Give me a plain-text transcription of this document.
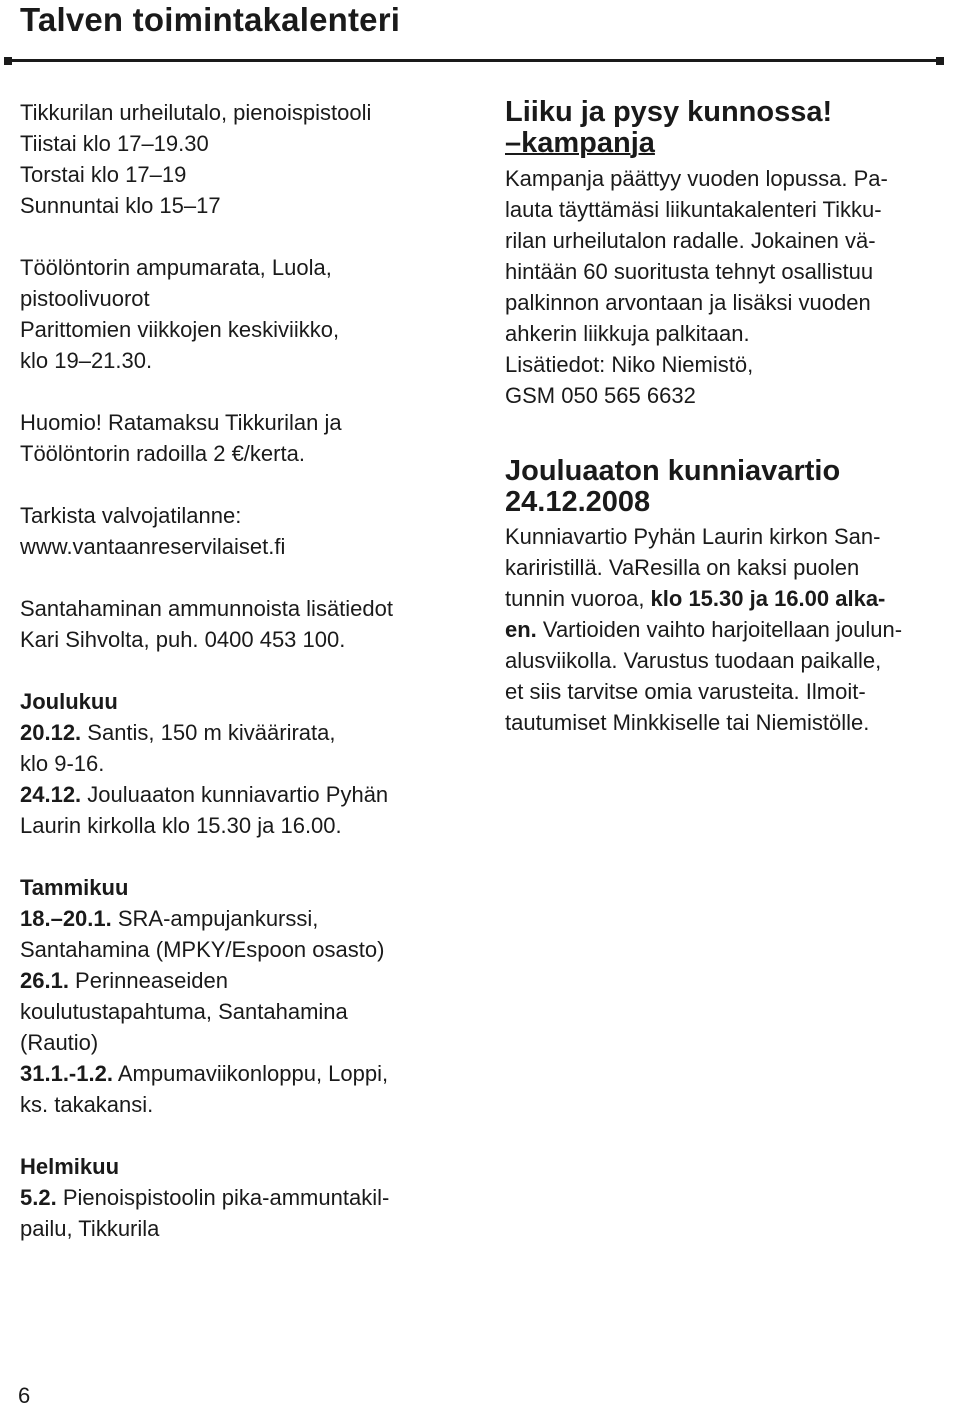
Talven toimintakalenteri

Tikkurilan urheilutalo, pienoispistooli

Tiistai klo 17–19.30

Torstai klo 17–19

Sunnuntai klo 15–17

Töölöntorin ampumarata, Luola,

pistoolivuorot

Parittomien viikkojen keskiviikko,

klo 19–21.30.

Huomio! Ratamaksu Tikkurilan ja

Töölöntorin radoilla 2 €/kerta.

Tarkista valvojatilanne:

www.vantaanreservilaiset.fi

Santahaminan ammunnoista lisätiedot

Kari Sihvolta, puh. 0400 453 100.

Joulukuu

20.12. Santis, 150 m kiväärirata,

klo 9-16.

24.12. Jouluaaton kunniavartio Pyhän

Laurin kirkolla klo 15.30 ja 16.00.

Tammikuu

18.–20.1. SRA-ampujankurssi,

Santahamina (MPKY/Espoon osasto)

26.1. Perinneaseiden

koulutustapahtuma, Santahamina

(Rautio)

31.1.-1.2. Ampumaviikonloppu, Loppi,

ks. takakansi.

Helmikuu

5.2. Pienoispistoolin pika-ammuntakil-

pailu, Tikkurila

Liiku ja pysy kunnossa!

–kampanja

Kampanja päättyy vuoden lopussa. Pa-

lauta täyttämäsi liikuntakalenteri Tikku-

rilan urheilutalon radalle. Jokainen vä-

hintään 60 suoritusta tehnyt osallistuu

palkinnon arvontaan ja lisäksi vuoden

ahkerin liikkuja palkitaan.

Lisätiedot: Niko Niemistö,

GSM 050 565 6632

Jouluaaton kunniavartio

24.12.2008

Kunniavartio Pyhän Laurin kirkon San-

kariristillä. VaResilla on kaksi puolen

tunnin vuoroa, klo 15.30 ja 16.00 alka-

en. Vartioiden vaihto harjoitellaan joulun-

alusviikolla. Varustus tuodaan paikalle,

et siis tarvitse omia varusteita. Ilmoit-

tautumiset Minkkiselle tai Niemistölle.

6
